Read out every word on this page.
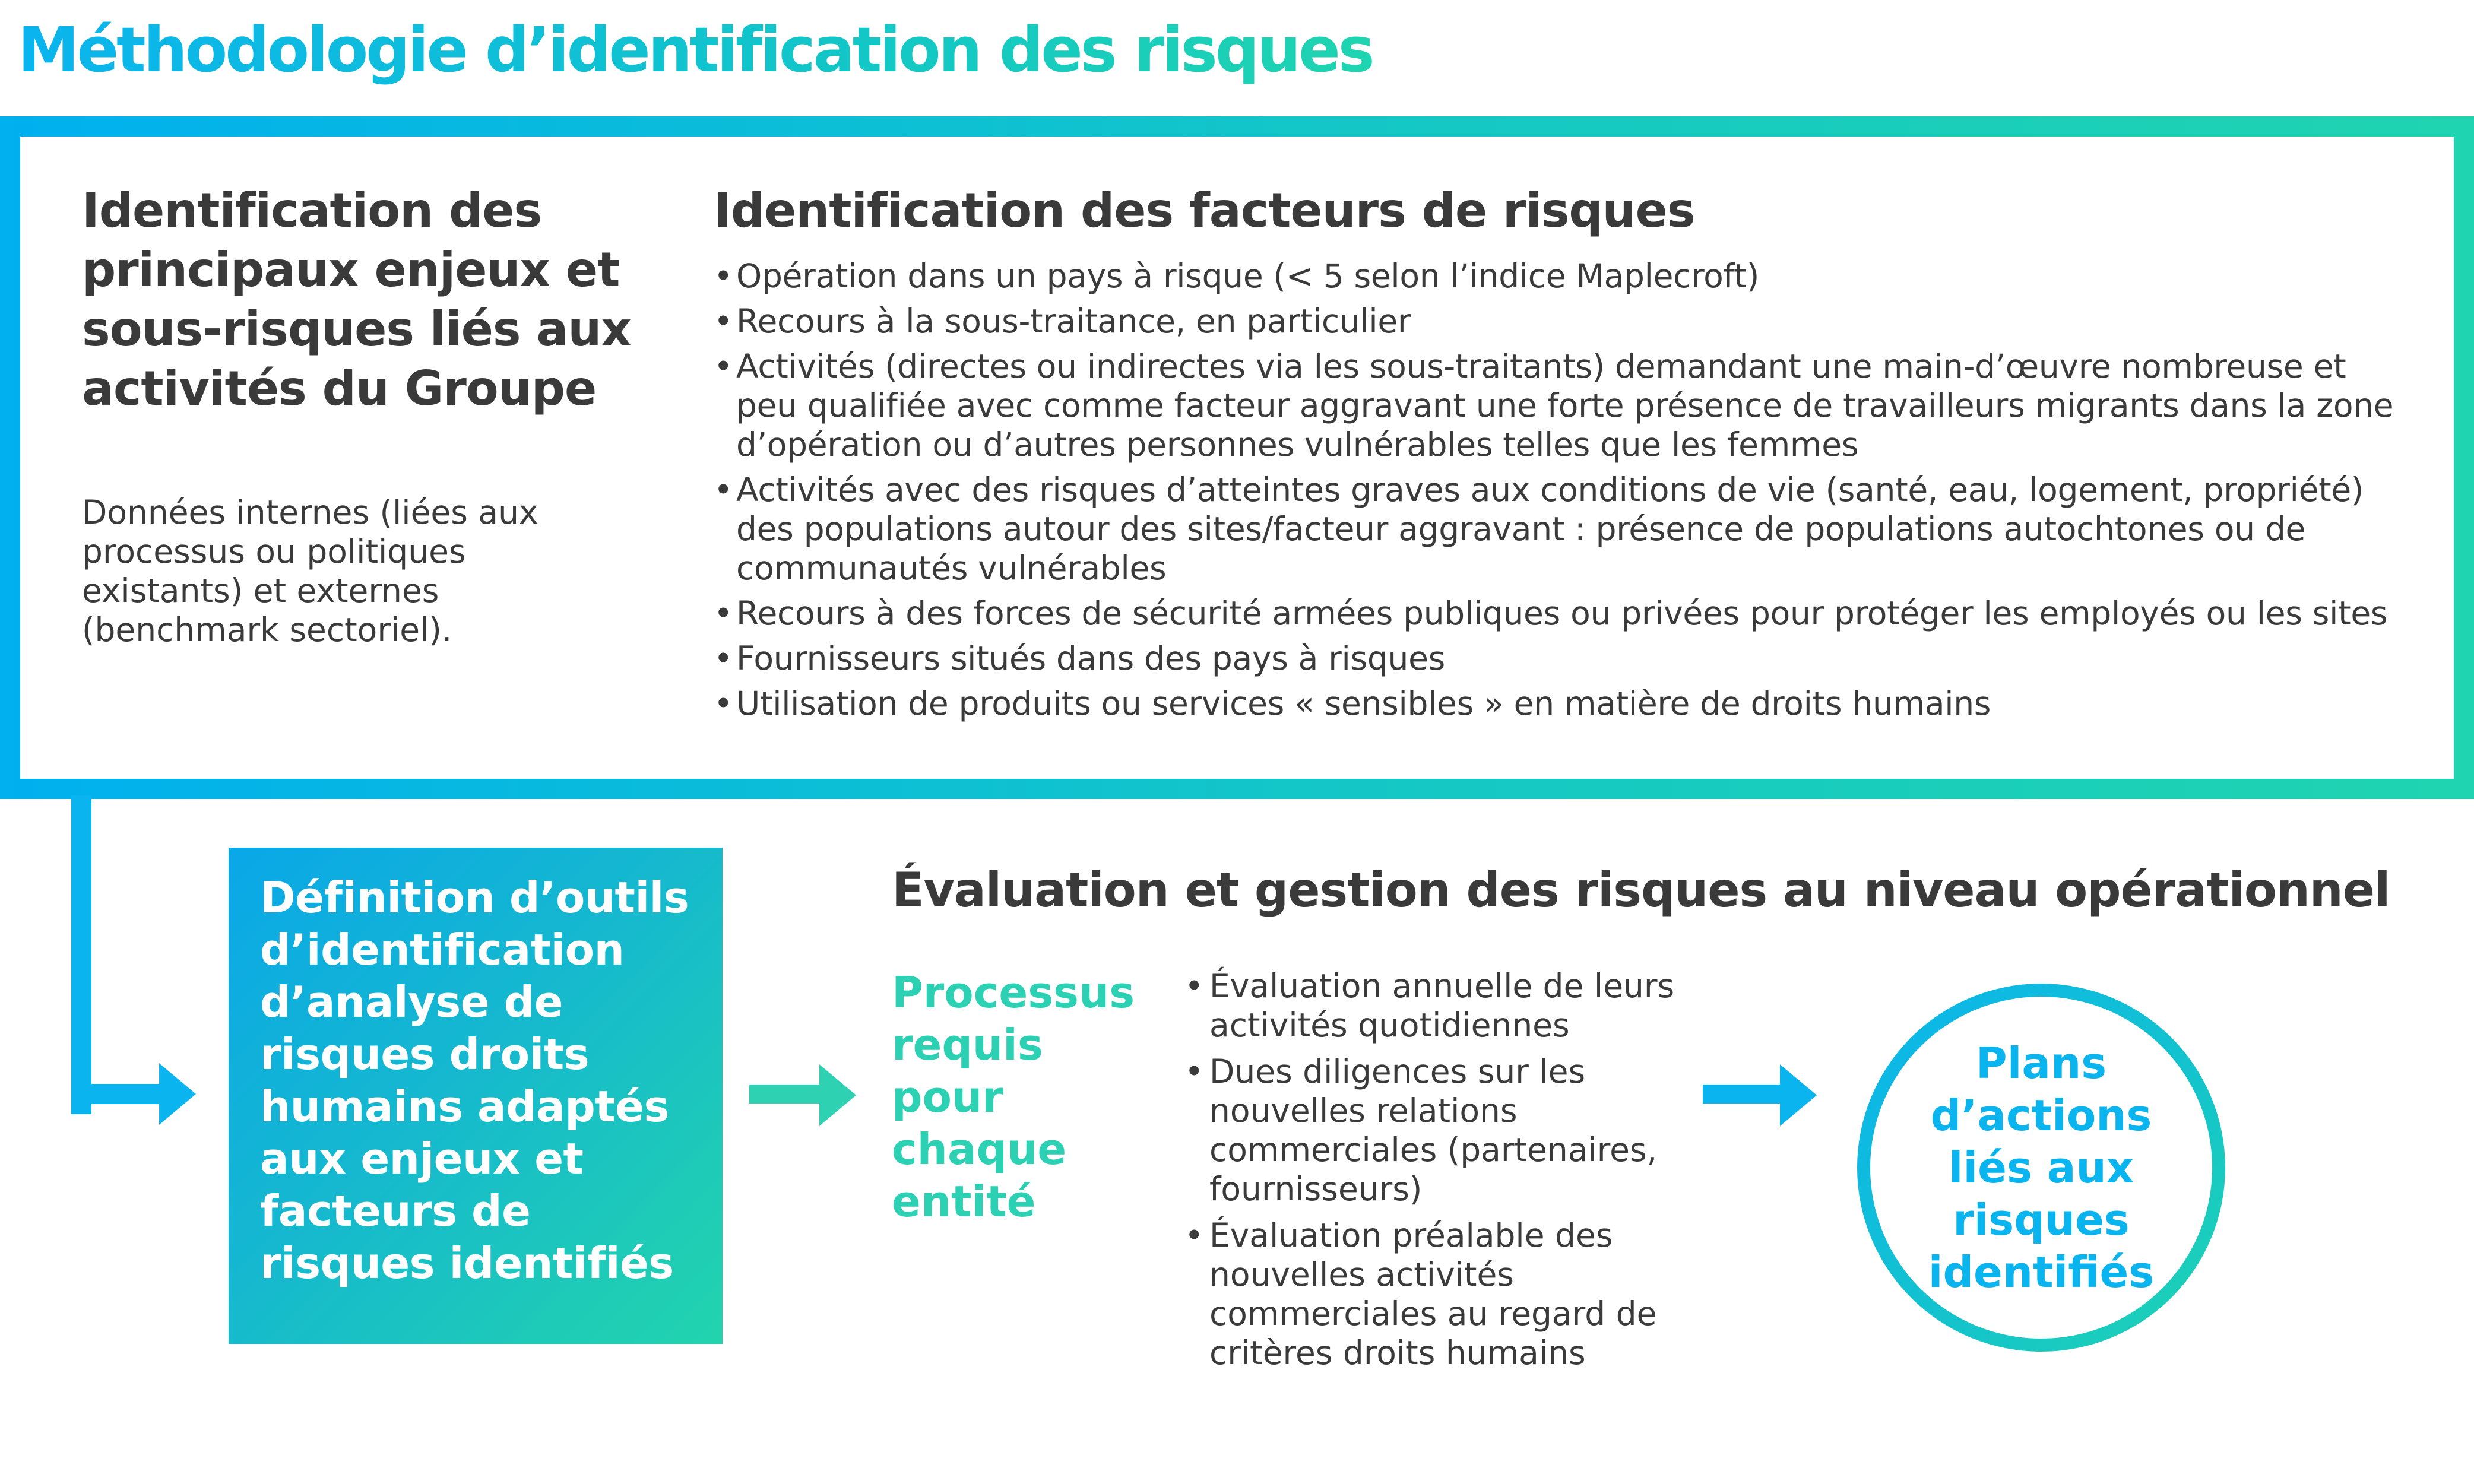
Méthodologie d’identification des risques
Identification des principaux enjeux et sous-risques liés aux activités du Groupe

Données internes (liées aux processus ou politiques existants) et externes (benchmark sectoriel).

Identification des facteurs de risques
• Opération dans un pays à risque (< 5 selon l’indice Maplecroft)
• Recours à la sous-traitance, en particulier
• Activités (directes ou indirectes via les sous-traitants) demandant une main-d’œuvre nombreuse et peu qualifiée avec comme facteur aggravant une forte présence de travailleurs migrants dans la zone d’opération ou d’autres personnes vulnérables telles que les femmes
• Activités avec des risques d’atteintes graves aux conditions de vie (santé, eau, logement, propriété) des populations autour des sites/facteur aggravant : présence de populations autochtones ou de communautés vulnérables
• Recours à des forces de sécurité armées publiques ou privées pour protéger les employés ou les sites
• Fournisseurs situés dans des pays à risques
• Utilisation de produits ou services « sensibles » en matière de droits humains

Définition d’outils d’identification d’analyse de risques droits humains adaptés aux enjeux et facteurs de risques identifiés

Évaluation et gestion des risques au niveau opérationnel

Processus requis pour chaque entité

• Évaluation annuelle de leurs activités quotidiennes
• Dues diligences sur les nouvelles relations commerciales (partenaires, fournisseurs)
• Évaluation préalable des nouvelles activités commerciales au regard de critères droits humains

Plans d’actions liés aux risques identifiés
